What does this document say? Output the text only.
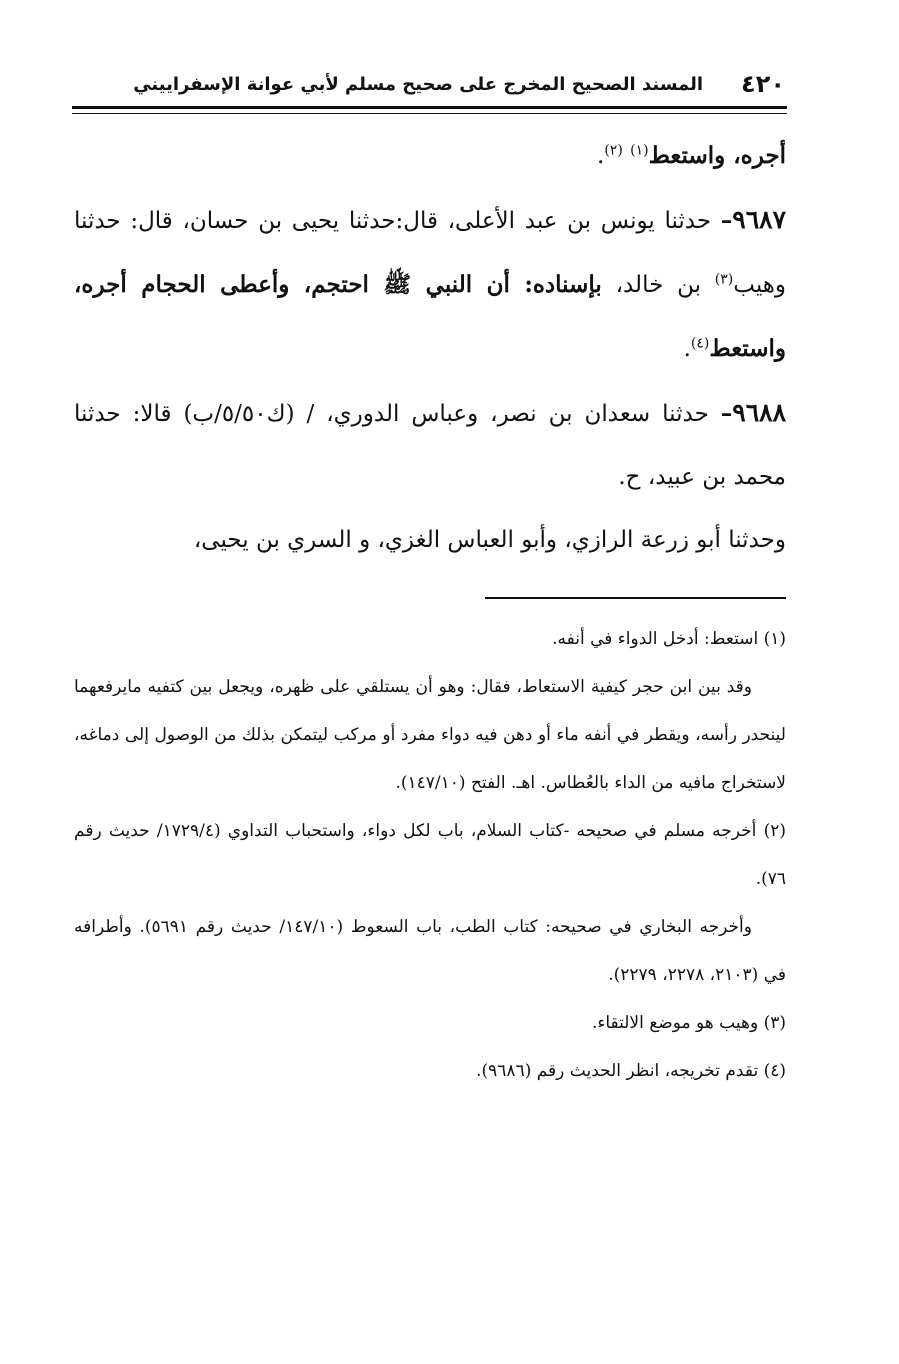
٤٢٠
المسند الصحيح المخرج على صحيح مسلم لأبي عوانة الإسفراييني

أجره، واستعط$^{(١)}$ $^{(٢)}$.

٩٦٨٧– حدثنا يونس بن عبد الأعلى، قال:حدثنا يحيى بن حسان، قال: حدثنا وهيب$^{(٣)}$ بن خالد، بإسناده: أن النبي ﷺ احتجم، وأعطى الحجام أجره، واستعط$^{(٤)}$.

٩٦٨٨– حدثنا سعدان بن نصر، وعباس الدوري، / (ك٥/٥٠/ب) قالا: حدثنا محمد بن عبيد، ح.

وحدثنا أبو زرعة الرازي، وأبو العباس الغزي، و السري بن يحيى،

(١) استعط: أدخل الدواء في أنفه.

وقد بين ابن حجر كيفية الاستعاط، فقال: وهو أن يستلقي على ظهره، ويجعل بين كتفيه مايرفعهما لينحدر رأسه، ويقطر في أنفه ماء أو دهن فيه دواء مفرد أو مركب ليتمكن بذلك من الوصول إلى دماغه، لاستخراج مافيه من الداء بالعُطاس. اهـ. الفتح (١٤٧/١٠).

(٢) أخرجه مسلم في صحيحه -كتاب السلام، باب لكل دواء، واستحباب التداوي (١٧٢٩/٤/ حديث رقم ٧٦).

وأخرجه البخاري في صحيحه: كتاب الطب، باب السعوط (١٤٧/١٠/ حديث رقم ٥٦٩١). وأطرافه في (٢١٠٣، ٢٢٧٨، ٢٢٧٩).

(٣) وهيب هو موضع الالتقاء.

(٤) تقدم تخريجه، انظر الحديث رقم (٩٦٨٦).
